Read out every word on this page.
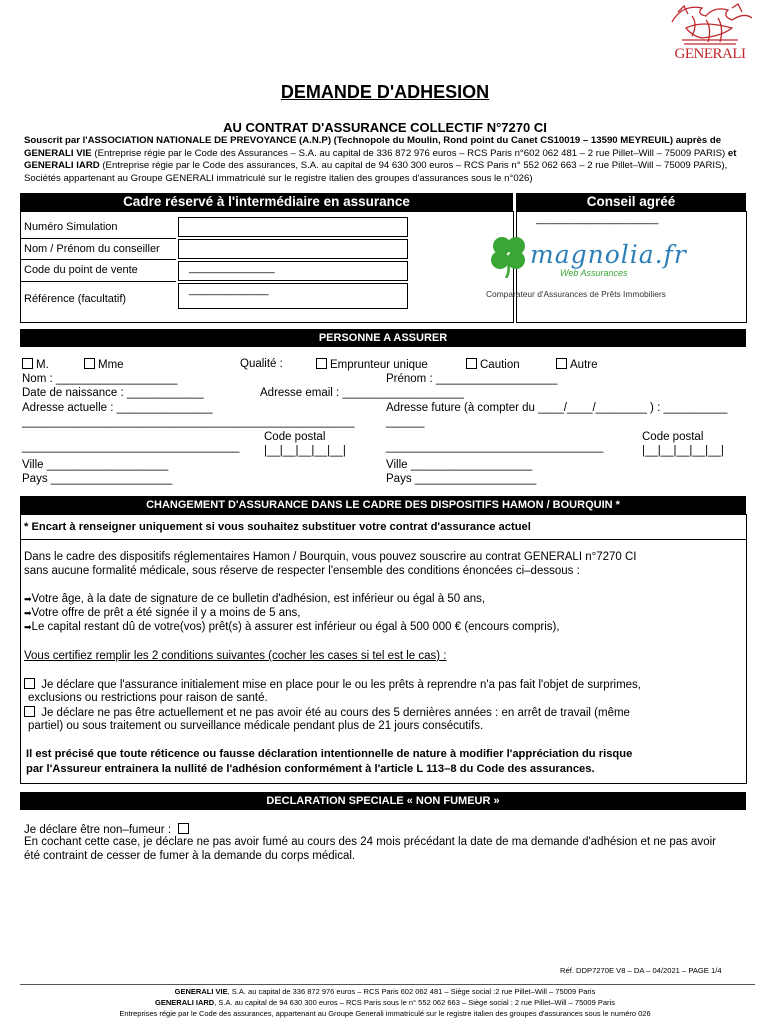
GENERALI
DEMANDE D'ADHESION
AU CONTRAT D'ASSURANCE COLLECTIF N°7270 CI
Souscrit par l'ASSOCIATION NATIONALE DE PREVOYANCE (A.N.P) (Technopole du Moulin, Rond point du Canet CS10019 – 13590 MEYREUIL) auprès de GENERALI VIE (Entreprise régie par le Code des Assurances – S.A. au capital de 336 872 976 euros – RCS Paris n°602 062 481 – 2 rue Pillet–Will – 75009 PARIS) et GENERALI IARD (Entreprise régie par le Code des assurances, S.A. au capital de 94 630 300 euros – RCS Paris n° 552 062 663 – 2 rue Pillet–Will – 75009 PARIS), Sociétés appartenant au Groupe GENERALI immatriculé sur le registre italien des groupes d'assurances sous le n°026)
Cadre réservé à l'intermédiaire en assurance	Conseil agréé
Numéro Simulation
Nom / Prénom du conseiller
Code du point de vente	______________
Référence (facultatif)
_____________
____________________
magnolia.fr
Web Assurances
Comparateur d'Assurances de Prêts Immobiliers
PERSONNE A ASSURER
M.	Mme	Qualité :	Emprunteur unique	Caution	Autre
Nom : ___________________	Prénom : ___________________
Date de naissance : ____________	Adresse email : ___________________
Adresse actuelle : _______________	Adresse future (à compter du ____/____/________ ) : __________
____________________________________________________	______
Code postal	Code postal
__________________________________ |__|__|__|__|__|	__________________________________	|__|__|__|__|__|
Ville ___________________	Ville ___________________
Pays ___________________	Pays ___________________
CHANGEMENT D'ASSURANCE DANS LE CADRE DES DISPOSITIFS HAMON / BOURQUIN *
* Encart à renseigner uniquement si vous souhaitez substituer votre contrat d'assurance actuel
Dans le cadre des dispositifs réglementaires Hamon / Bourquin, vous pouvez souscrire au contrat GENERALI n°7270 CI
sans aucune formalité médicale, sous réserve de respecter l'ensemble des conditions énoncées ci–dessous :
➡Votre âge, à la date de signature de ce bulletin d'adhésion, est inférieur ou égal à 50 ans,
➡Votre offre de prêt a été signée il y a moins de 5 ans,
➡Le capital restant dû de votre(vos) prêt(s) à assurer est inférieur ou égal à 500 000 € (encours compris),
Vous certifiez remplir les 2 conditions suivantes (cocher les cases si tel est le cas) :
Je déclare que l'assurance initialement mise en place pour le ou les prêts à reprendre n'a pas fait l'objet de surprimes,
exclusions ou restrictions pour raison de santé.
Je déclare ne pas être actuellement et ne pas avoir été au cours des 5 dernières années : en arrêt de travail (même
partiel) ou sous traitement ou surveillance médicale pendant plus de 21 jours consécutifs.
Il est précisé que toute réticence ou fausse déclaration intentionnelle de nature à modifier l'appréciation du risque
par l'Assureur entrainera la nullité de l'adhésion conformément à l'article L 113–8 du Code des assurances.
DECLARATION SPECIALE « NON FUMEUR »
Je déclare être non–fumeur :
En cochant cette case, je déclare ne pas avoir fumé au cours des 24 mois précédant la date de ma demande d'adhésion et ne pas avoir
été contraint de cesser de fumer à la demande du corps médical.
Réf. DDP7270E V8 – DA – 04/2021 – PAGE 1/4
GENERALI VIE, S.A. au capital de 336 872 976 euros – RCS Paris 602 062 481 – Siège social :2 rue Pillet–Will – 75009 Paris
GENERALI IARD, S.A. au capital de 94 630 300 euros – RCS Paris sous le n° 552 062 663 – Siège social : 2 rue Pillet–Will – 75009 Paris
Entreprises régie par le Code des assurances, appartenant au Groupe Generali immatriculé sur le registre italien des groupes d'assurances sous le numéro 026
